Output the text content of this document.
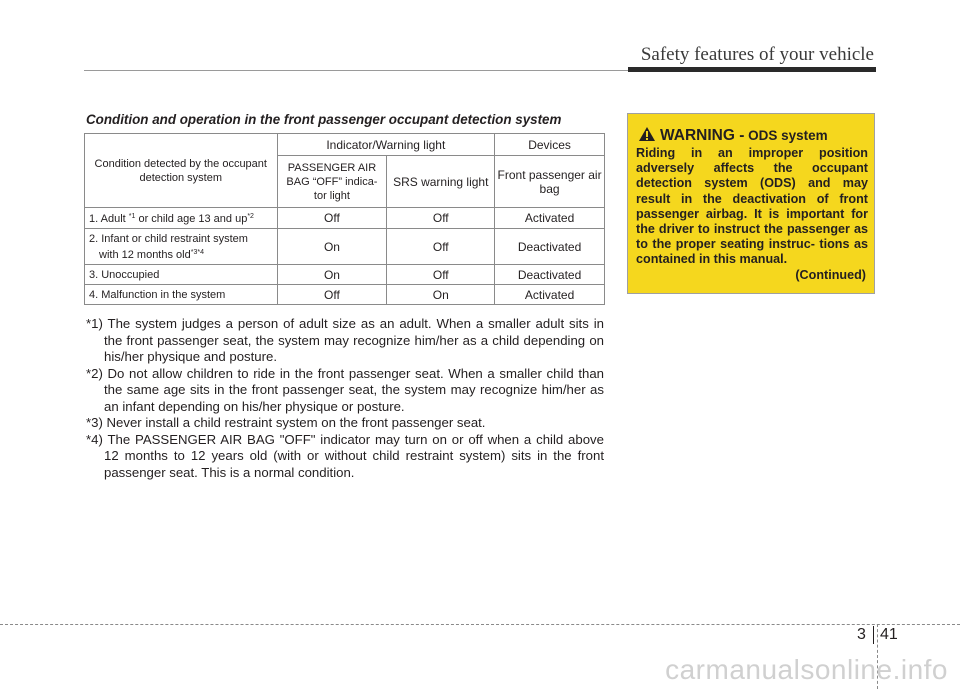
Safety features of your vehicle
Condition and operation in the front passenger occupant detection system
Condition detected by the occupant detection system	Indicator/Warning light		Devices
	PASSENGER AIR BAG “OFF” indica- tor light	SRS warning light	Front passenger air bag
1. Adult $^{*1}$ or child age 13 and $up^{*2}$	Off	Off	Activated

2. Infant or child restraint system
with 12 months old$^{*3*4}$	On	Off	Deactivated
3. Unoccupied	On	Off	Deactivated
4. Malfunction in the system	Off	On	Activated

*1) The system judges a person of adult size as an adult. When a smaller adult sits in the front passenger seat, the system may recognize him/her as a child depending on his/her physique and posture.

*2) Do not allow children to ride in the front passenger seat. When a smaller child than the same age sits in the front passenger seat, the system may recognize him/her as an infant depending on his/her physique or posture.

*3) Never install a child restraint system on the front passenger seat.

*4) The PASSENGER AIR BAG "OFF" indicator may turn on or off when a child above 12 months to 12 years old (with or without child restraint system) sits in the front passenger seat. This is a normal condition.

WARNING - ODS system
Riding in an improper position adversely affects the occupant detection system (ODS) and may result in the deactivation of front passenger airbag. It is important for the driver to instruct the passenger as to the proper seating instruc- tions as contained in this manual.
(Continued)
3 41
carmanualsonline.info
